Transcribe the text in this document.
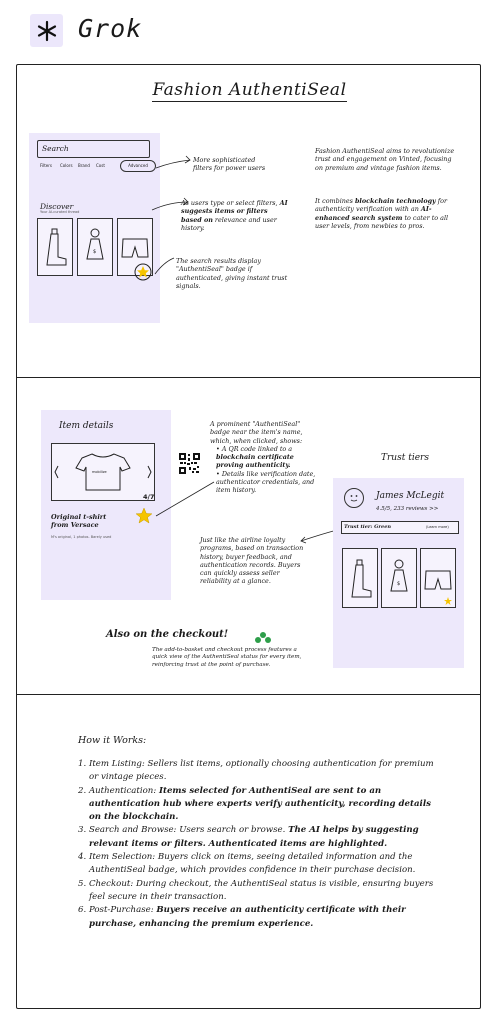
Grok
Fashion AuthentiSeal
Search
Filters Colors Brand Cost	Advanced
Discover
Your AI-curated thread
$
More sophisticated filters for power users
As users type or select filters, AI suggests items or filters based on relevance and user history.
The search results display "AuthentiSeal" badge if authenticated, giving instant trust signals.
Fashion AuthentiSeal aims to revolutionize trust and engagement on Vinted, focusing on premium and vintage fashion items.
It combines blockchain technology for authenticity verification with an AI-enhanced search system to cater to all user levels, from newbies to pros.
Item details
mobilize
4/7
Original t-shirt from Versace
M's original, 1 photos. Barely used
A prominent "AuthentiSeal" badge near the item's name, which, when clicked, shows:
• A QR code linked to a blockchain certificate proving authenticity.
• Details like verification date, authenticator credentials, and item history.
Just like the airline loyalty programs, based on transaction history, buyer feedback, and authentication records. Buyers can quickly assess seller reliability at a glance.
Trust tiers
James McLegit
4.5/5, 233 reviews >>
Trust tier: Green	(Learn more)
$
Also on the checkout!
The add-to-basket and checkout process features a quick view of the AuthentiSeal status for every item, reinforcing trust at the point of purchase.
How it Works:
1. Item Listing: Sellers list items, optionally choosing authentication for premium or vintage pieces.
2. Authentication: Items selected for AuthentiSeal are sent to an authentication hub where experts verify authenticity, recording details on the blockchain.
3. Search and Browse: Users search or browse. The AI helps by suggesting relevant items or filters. Authenticated items are highlighted.
4. Item Selection: Buyers click on items, seeing detailed information and the AuthentiSeal badge, which provides confidence in their purchase decision.
5. Checkout: During checkout, the AuthentiSeal status is visible, ensuring buyers feel secure in their transaction.
6. Post-Purchase: Buyers receive an authenticity certificate with their purchase, enhancing the premium experience.
